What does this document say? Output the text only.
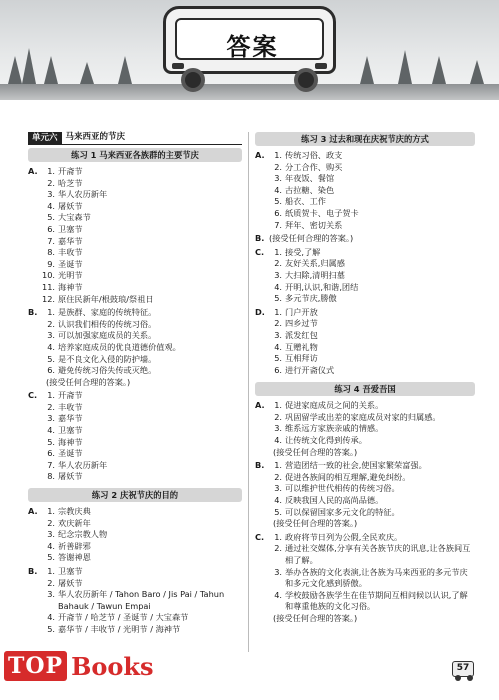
答案
单元六 马来西亚的节庆
练习 1 马来西亚各族群的主要节庆
A.	1. 开斋节
2. 哈芝节
3. 华人农历新年
4. 屠妖节
5. 大宝森节
6. 卫塞节
7. 嘉华节
8. 丰收节
9. 圣诞节
10. 光明节
11. 海神节
12. 原住民新年/根鼓琅/祭祖日
B.	1. 是族群、家庭的传统特征。
2. 认识我们相传的传统习俗。
3. 可以加强家庭成员的关系。
4. 培养家庭成员的优良道德价值观。
5. 是不良文化入侵的防护墙。
6. 避免传统习俗失传或灭绝。
(接受任何合理的答案。)
C.	1. 开斋节
2. 丰收节
3. 嘉华节
4. 卫塞节
5. 海神节
6. 圣诞节
7. 华人农历新年
8. 屠妖节
练习 2 庆祝节庆的目的
A.	1. 宗教庆典
2. 欢庆新年
3. 纪念宗教人物
4. 祈善辟邪
5. 答谢神恩
B.	1. 卫塞节
2. 屠妖节
3. 华人农历新年 / Tahon Baro / Jis Pai / Tahun Bahauk / Tawun Empai
4. 开斋节 / 哈芝节 / 圣诞节 / 大宝森节
5. 嘉华节 / 丰收节 / 光明节 / 海神节
练习 3 过去和现在庆祝节庆的方式
A.	1. 传统习俗、政支
2. 分工合作、购买
3. 年夜饭、餐馆
4. 古拉糖、染色
5. 船衣、工作
6. 纸质贺卡、电子贺卡
7. 拜年、密切关系
B. (接受任何合理的答案。)
C.	1. 接受,了解
2. 友好关系,归属感
3. 大扫除,清明扫墓
4. 开明,认识,和谐,团结
5. 多元节庆,勝傲
D.	1. 门户开放
2. 四乡过节
3. 派发红包
4. 互赠礼物
5. 互相拜访
6. 进行开斋仪式
练习 4 吾爱吾国
A.	1. 促进家庭成员之间的关系。
2. 巩固留学或出差的家庭成员对家的归属感。
3. 维系远方家族亲戚的情感。
4. 让传统文化得到传承。
(接受任何合理的答案。)
B.	1. 营造团结一致的社会,使国家繁荣富强。
2. 促进各族间的相互理解,避免纠纷。
3. 可以维护世代相传的传统习俗。
4. 反映我国人民的高尚品德。
5. 可以保留国家多元文化的特征。
(接受任何合理的答案。)
C.	1. 政府将节日列为公假,全民欢庆。
2. 通过社交媒体,分享有关各族节庆的讯息,让各族间互相了解。
3. 举办各族的文化表演,让各族为马来西亚的多元节庆和多元文化感到骄傲。
4. 学校鼓励各族学生在佳节期间互相问候以认识,了解和尊重他族的文化习俗。
(接受任何合理的答案。)
TOP Books	57
